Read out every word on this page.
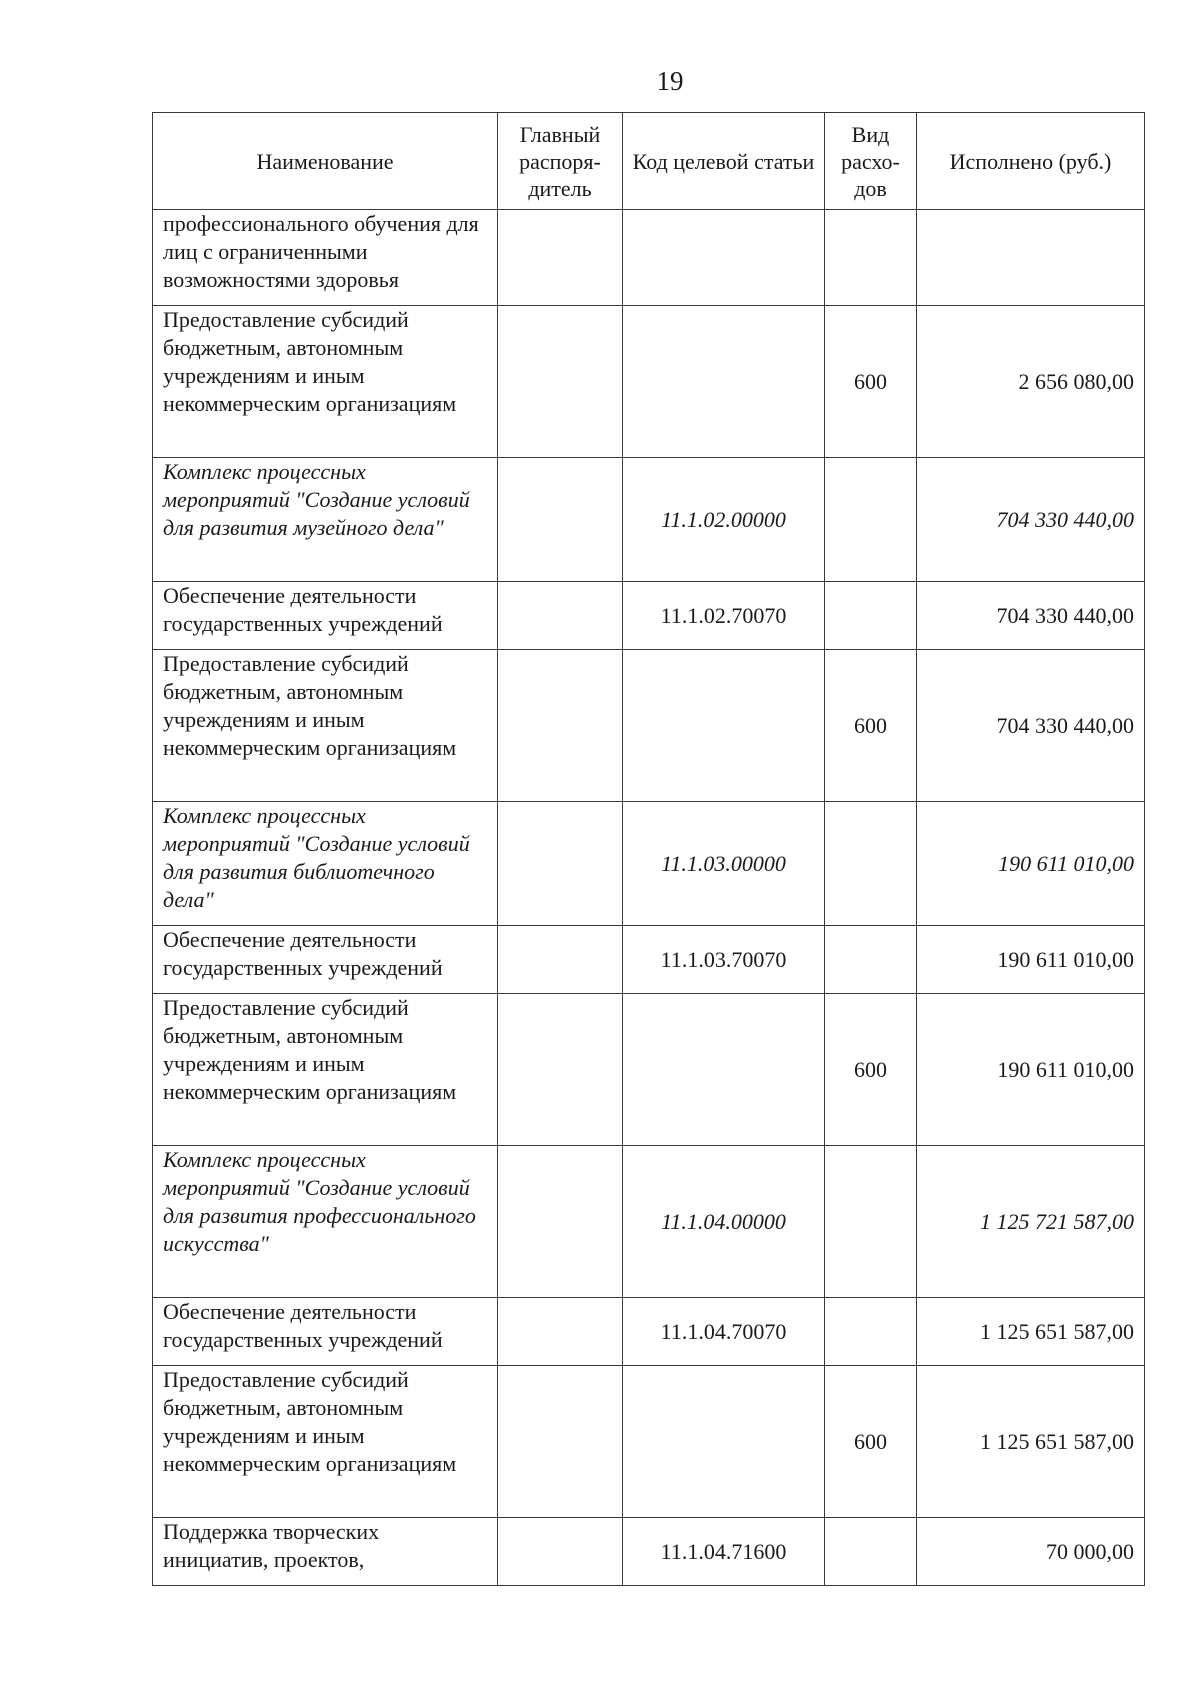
19
Наименование	Главный распоря-дитель	Код целевой статьи	Вид расхо-дов	Исполнено (руб.)
профессионального обучения для лиц с ограниченными возможностями здоровья				
Предоставление субсидий бюджетным, автономным учреждениям и иным некоммерческим организациям			600	2 656 080,00
Комплекс процессных мероприятий "Создание условий для развития музейного дела"		11.1.02.00000		704 330 440,00
Обеспечение деятельности государственных учреждений		11.1.02.70070		704 330 440,00
Предоставление субсидий бюджетным, автономным учреждениям и иным некоммерческим организациям			600	704 330 440,00
Комплекс процессных мероприятий "Создание условий для развития библиотечного дела"		11.1.03.00000		190 611 010,00
Обеспечение деятельности государственных учреждений		11.1.03.70070		190 611 010,00
Предоставление субсидий бюджетным, автономным учреждениям и иным некоммерческим организациям			600	190 611 010,00
Комплекс процессных мероприятий "Создание условий для развития профессионального искусства"		11.1.04.00000		1 125 721 587,00
Обеспечение деятельности государственных учреждений		11.1.04.70070		1 125 651 587,00
Предоставление субсидий бюджетным, автономным учреждениям и иным некоммерческим организациям			600	1 125 651 587,00
Поддержка творческих инициатив, проектов,		11.1.04.71600		70 000,00
